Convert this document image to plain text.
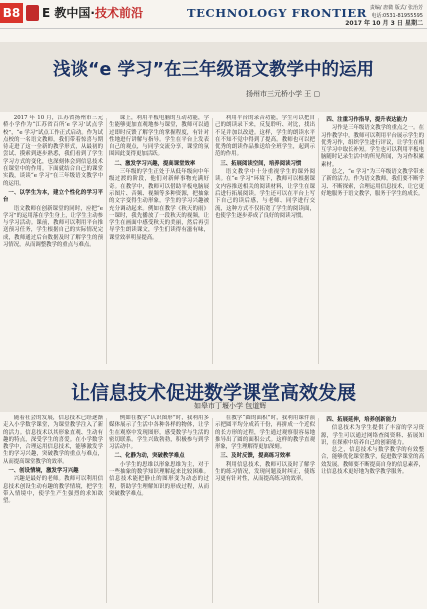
B8 E 教中国·技术前沿	TECHNOLOGY FRONTIER 责编/ 唐微 版式/ 张治芳
电话:0531-81955595
2017 年 10 月 3 日 星期二
浅谈“e 学习”在三年级语文教学中的运用
扬州市三元桥小学 王 ▢

2017 年 10 月，江苏省扬州市三元桥小学作为“江苏省百所‘e 学习’试点学校”，“e 学习”试点工作正式启动。作为试点校的一名语文教师，我们带着惊喜与期待走进了这一全新的教学形式，从最初的尝试、摸索到逐步熟悉，我们看到了学生学习方式的变化，也深刻体会到信息技术在课堂中的作用。下面就结合自己的课堂实践，谈谈“e 学习”在三年级语文教学中的运用。

一、以学生为本，建立个性化的学习平台

语文教师在创新课堂的同时，应把“e 学习”的运用落在学生身上，让学生主动参与学习活动。课前，教师可以利用平台推送预习任务，学生根据自己的实际情况完成，教师通过后台数据及时了解学生的预习情况，从而调整教学的重点与难点。

课上，利用平板电脑的互动功能，学生能够更加直观地参与课堂，教师可以通过即时反馈了解学生的掌握程度，有针对性地进行讲解与指导。学生在平台上发表自己的观点，与同学交流分享，课堂的氛围因此变得更加活跃。

二、激发学习兴趣，提高课堂效率

三年级的学生正处于从低年级向中年级过渡的阶段，他们对新鲜事物充满好奇。在教学中，教师可以借助平板电脑展示图片、音频、视频等多种资源，把抽象的文字变得生动形象，学生的学习兴趣被充分调动起来。例如在教学《秋天的雨》一课时，我先播放了一段秋天的视频，让学生在画面中感受秋天的美丽，然后再引导学生朗读课文，学生们读得有滋有味，课堂效率明显提高。

利用平台的录音功能，学生可以把自己的朗读录下来，反复聆听、对比，找出不足并加以改进。这样，学生的朗读水平在不知不觉中得到了提高。教师也可以把优秀的朗读作品推送给全班学生，起到示范的作用。

三、拓展阅读空间，培养阅读习惯

语文教学中十分重视学生的课外阅读。在“e 学习”环境下，教师可以根据课文内容推送相关的阅读材料，让学生在课后进行拓展阅读。学生还可以在平台上写下自己的读后感，与老师、同学进行交流，这种方式不仅拓宽了学生的阅读面，也使学生逐步养成了良好的阅读习惯。

四、注重习作指导，提升表达能力

习作是三年级语文教学的重点之一。在习作教学中，教师可以利用平台展示学生的优秀习作，组织学生进行评议，让学生在相互学习中取长补短。学生也可以利用平板电脑随时记录生活中的所见所闻，为习作积累素材。

总之，“e 学习”为三年级语文教学带来了新的活力。作为语文教师，我们要不断学习、不断探索，合理运用信息技术，让它更好地服务于语文教学，服务于学生的成长。

让信息技术促进数学课堂高效发展
如皋市丁堰小学 包道辉

随着社会的发展，信息技术已经逐渐走入小学数学课堂，为课堂教学注入了新的活力。信息技术以其形象直观、生动有趣的特点，深受学生的喜爱。在小学数学教学中，合理运用信息技术，能够激发学生的学习兴趣，突破教学的重点与难点，从而提高课堂教学的效率。

一、创设情境，激发学习兴趣

兴趣是最好的老师。教师可以利用信息技术创设生动有趣的教学情境，把学生带入情境中，使学生产生强烈的求知欲望。

例如在教学“认识图形”时，我利用多媒体展示了生活中各种各样的物体，让学生在观察中发现图形，感受数学与生活的密切联系。学生兴致勃勃，积极参与到学习活动中。

二、化静为动，突破教学难点

小学生的思维以形象思维为主，对于一些抽象的数学知识理解起来比较困难。信息技术能把静止的图形变为动态的过程，帮助学生理解知识的形成过程，从而突破教学难点。

在教学“圆的面积”时，我利用课件演示把圆平均分成若干份，再拼成一个近似的长方形的过程，学生通过观察很容易地推导出了圆的面积公式。这样的教学直观形象，学生理解得更加深刻。

三、及时反馈，提高练习效率

利用信息技术，教师可以及时了解学生的练习情况，发现问题及时纠正，使练习更有针对性，从而提高练习的效率。

四、拓展延伸，培养创新能力

信息技术为学生提供了丰富的学习资源，学生可以通过网络查阅资料、拓展知识，在探索中培养自己的创新能力。

总之，信息技术与数学教学的有效整合，能够优化课堂教学，促进数学课堂的高效发展。教师要不断提高自身的信息素养，让信息技术更好地为数学教学服务。
